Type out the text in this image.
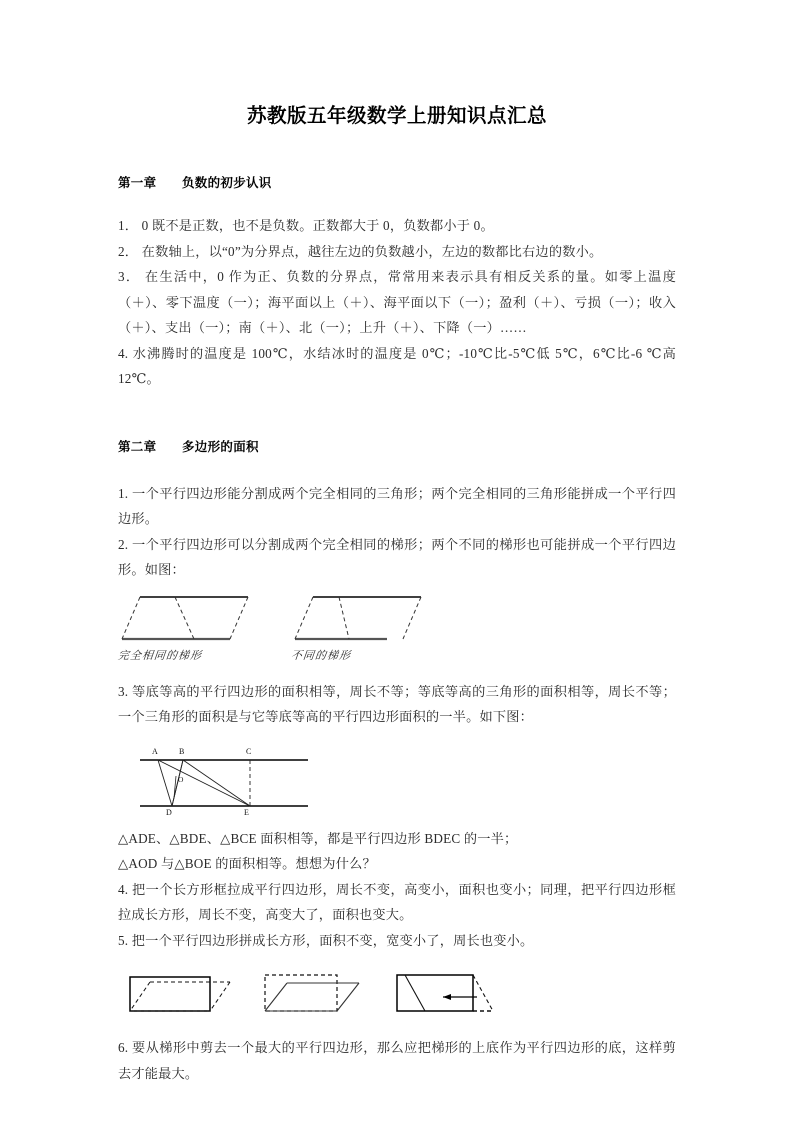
苏教版五年级数学上册知识点汇总
第一章　　负数的初步认识

1． 0 既不是正数，也不是负数。正数都大于 0，负数都小于 0。

2． 在数轴上，以“0”为分界点，越往左边的负数越小，左边的数都比右边的数小。

3． 在生活中，0 作为正、负数的分界点，常常用来表示具有相反关系的量。如零上温度（＋）、零下温度（一）；海平面以上（＋）、海平面以下（一）；盈利（＋）、亏损（一）；收入（＋）、支出（一）；南（＋）、北（一）；上升（＋）、下降（一）……

4. 水沸腾时的温度是 100℃，水结冰时的温度是 0℃；-10℃比-5℃低 5℃，6℃比-6 ℃高 12℃。

第二章　　多边形的面积

1. 一个平行四边形能分割成两个完全相同的三角形；两个完全相同的三角形能拼成一个平行四边形。

2. 一个平行四边形可以分割成两个完全相同的梯形；两个不同的梯形也可能拼成一个平行四边形。如图：

完全相同的梯形	不同的梯形

3. 等底等高的平行四边形的面积相等，周长不等；等底等高的三角形的面积相等，周长不等；一个三角形的面积是与它等底等高的平行四边形面积的一半。如下图：

A	B	C
D	E
O

△ADE、△BDE、△BCE 面积相等，都是平行四边形 BDEC 的一半；

△AOD 与△BOE 的面积相等。想想为什么？

4. 把一个长方形框拉成平行四边形，周长不变，高变小，面积也变小；同理，把平行四边形框拉成长方形，周长不变，高变大了，面积也变大。

5. 把一个平行四边形拼成长方形，面积不变，宽变小了，周长也变小。

6. 要从梯形中剪去一个最大的平行四边形，那么应把梯形的上底作为平行四边形的底，这样剪去才能最大。
